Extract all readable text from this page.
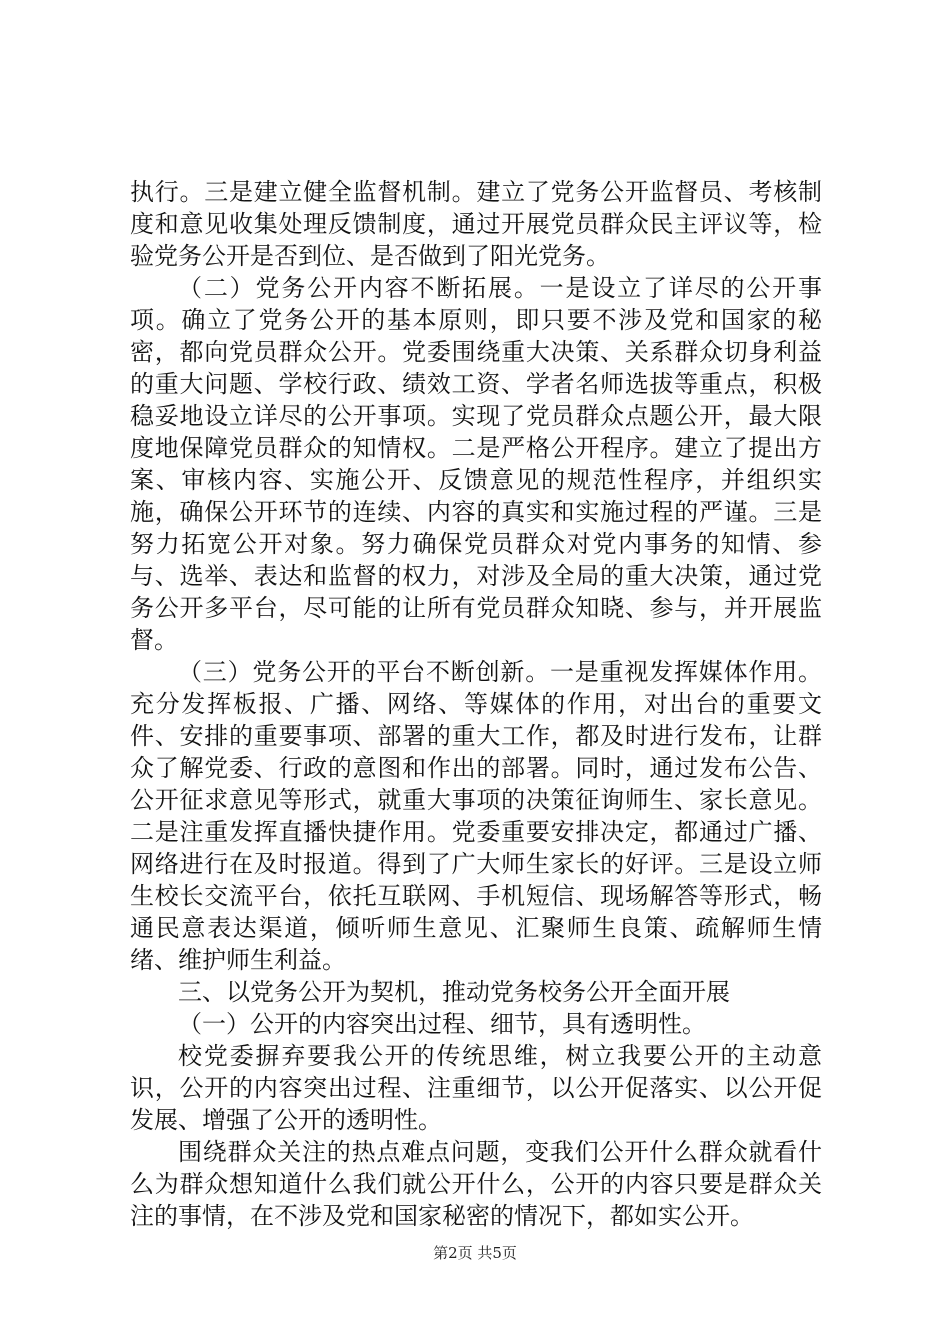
执行。三是建立健全监督机制。建立了党务公开监督员、考核制度和意见收集处理反馈制度，通过开展党员群众民主评议等，检验党务公开是否到位、是否做到了阳光党务。

（二）党务公开内容不断拓展。一是设立了详尽的公开事项。确立了党务公开的基本原则，即只要不涉及党和国家的秘密，都向党员群众公开。党委围绕重大决策、关系群众切身利益的重大问题、学校行政、绩效工资、学者名师选拔等重点，积极稳妥地设立详尽的公开事项。实现了党员群众点题公开，最大限度地保障党员群众的知情权。二是严格公开程序。建立了提出方案、审核内容、实施公开、反馈意见的规范性程序，并组织实施，确保公开环节的连续、内容的真实和实施过程的严谨。三是努力拓宽公开对象。努力确保党员群众对党内事务的知情、参与、选举、表达和监督的权力，对涉及全局的重大决策，通过党务公开多平台，尽可能的让所有党员群众知晓、参与，并开展监督。

（三）党务公开的平台不断创新。一是重视发挥媒体作用。充分发挥板报、广播、网络、等媒体的作用，对出台的重要文件、安排的重要事项、部署的重大工作，都及时进行发布，让群众了解党委、行政的意图和作出的部署。同时，通过发布公告、公开征求意见等形式，就重大事项的决策征询师生、家长意见。二是注重发挥直播快捷作用。党委重要安排决定，都通过广播、网络进行在及时报道。得到了广大师生家长的好评。三是设立师生校长交流平台，依托互联网、手机短信、现场解答等形式，畅通民意表达渠道，倾听师生意见、汇聚师生良策、疏解师生情绪、维护师生利益。

三、以党务公开为契机，推动党务校务公开全面开展

（一）公开的内容突出过程、细节，具有透明性。

校党委摒弃要我公开的传统思维，树立我要公开的主动意识，公开的内容突出过程、注重细节，以公开促落实、以公开促发展、增强了公开的透明性。

围绕群众关注的热点难点问题，变我们公开什么群众就看什么为群众想知道什么我们就公开什么，公开的内容只要是群众关注的事情，在不涉及党和国家秘密的情况下，都如实公开。

第2页 共5页
